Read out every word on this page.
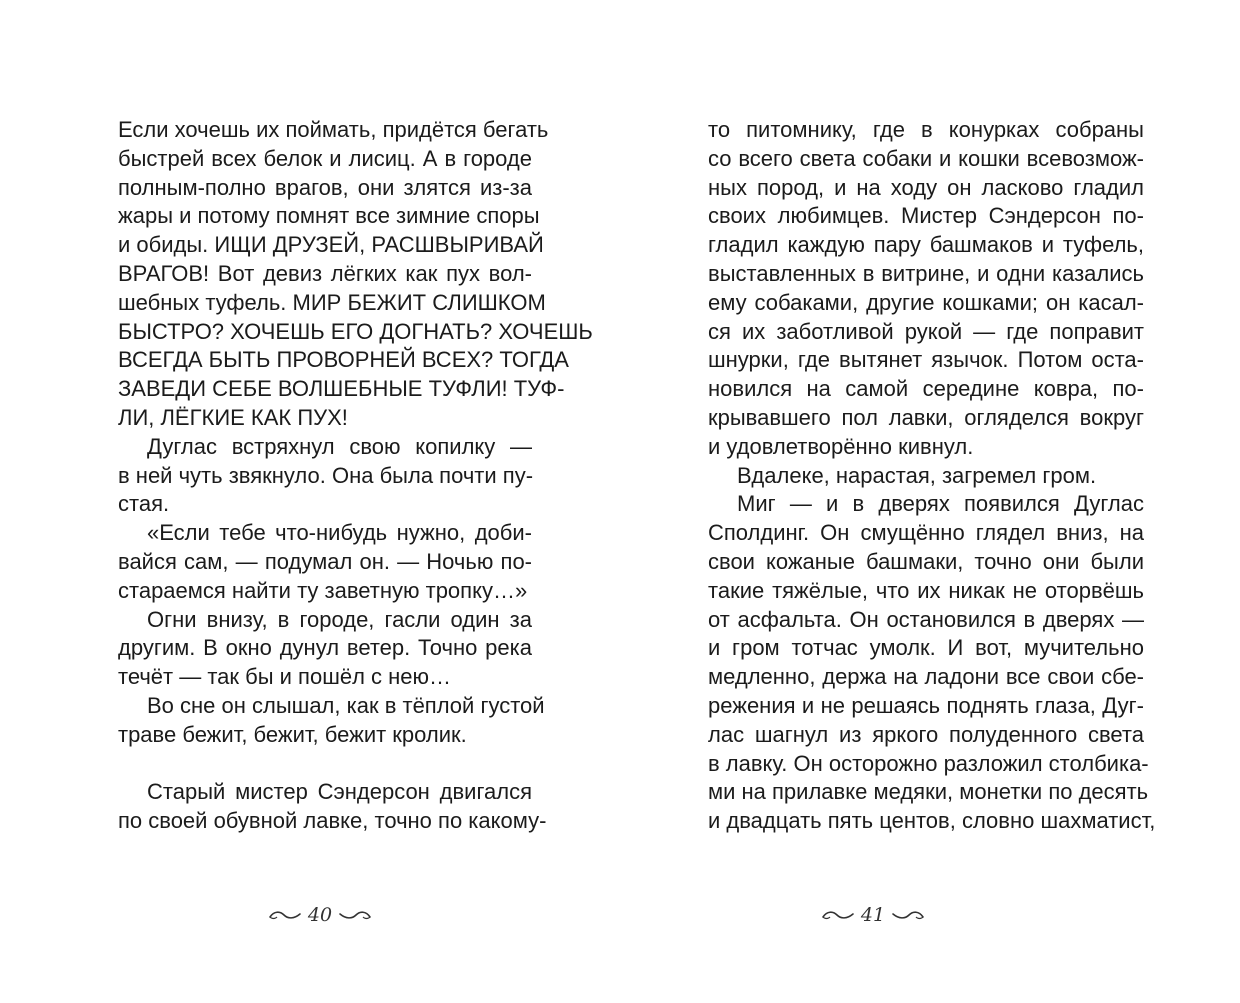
Если хочешь их поймать, придётся бегать
быстрей всех белок и лисиц. А в городе
полным-полно врагов, они злятся из-за
жары и потому помнят все зимние споры
и обиды. ИЩИ ДРУЗЕЙ, РАСШВЫРИВАЙ
ВРАГОВ! Вот девиз лёгких как пух вол-
шебных туфель. МИР БЕЖИТ СЛИШКОМ
БЫСТРО? ХОЧЕШЬ ЕГО ДОГНАТЬ? ХОЧЕШЬ
ВСЕГДА БЫТЬ ПРОВОРНЕЙ ВСЕХ? ТОГДА
ЗАВЕДИ СЕБЕ ВОЛШЕБНЫЕ ТУФЛИ! ТУФ-
ЛИ, ЛЁГКИЕ КАК ПУХ!
Дуглас встряхнул свою копилку —
в ней чуть звякнуло. Она была почти пу-
стая.
«Если тебе что-нибудь нужно, доби-
вайся сам, — подумал он. — Ночью по-
стараемся найти ту заветную тропку…»
Огни внизу, в городе, гасли один за
другим. В окно дунул ветер. Точно река
течёт — так бы и пошёл с нею…
Во сне он слышал, как в тёплой густой
траве бежит, бежит, бежит кролик.
Старый мистер Сэндерсон двигался
по своей обувной лавке, точно по какому-
40
то питомнику, где в конурках собраны
со всего света собаки и кошки всевозмож-
ных пород, и на ходу он ласково гладил
своих любимцев. Мистер Сэндерсон по-
гладил каждую пару башмаков и туфель,
выставленных в витрине, и одни казались
ему собаками, другие кошками; он касал-
ся их заботливой рукой — где поправит
шнурки, где вытянет язычок. Потом оста-
новился на самой середине ковра, по-
крывавшего пол лавки, огляделся вокруг
и удовлетворённо кивнул.
Вдалеке, нарастая, загремел гром.
Миг — и в дверях появился Дуглас
Сполдинг. Он смущённо глядел вниз, на
свои кожаные башмаки, точно они были
такие тяжёлые, что их никак не оторвёшь
от асфальта. Он остановился в дверях —
и гром тотчас умолк. И вот, мучительно
медленно, держа на ладони все свои сбе-
режения и не решаясь поднять глаза, Дуг-
лас шагнул из яркого полуденного света
в лавку. Он осторожно разложил столбика-
ми на прилавке медяки, монетки по десять
и двадцать пять центов, словно шахматист,
41
